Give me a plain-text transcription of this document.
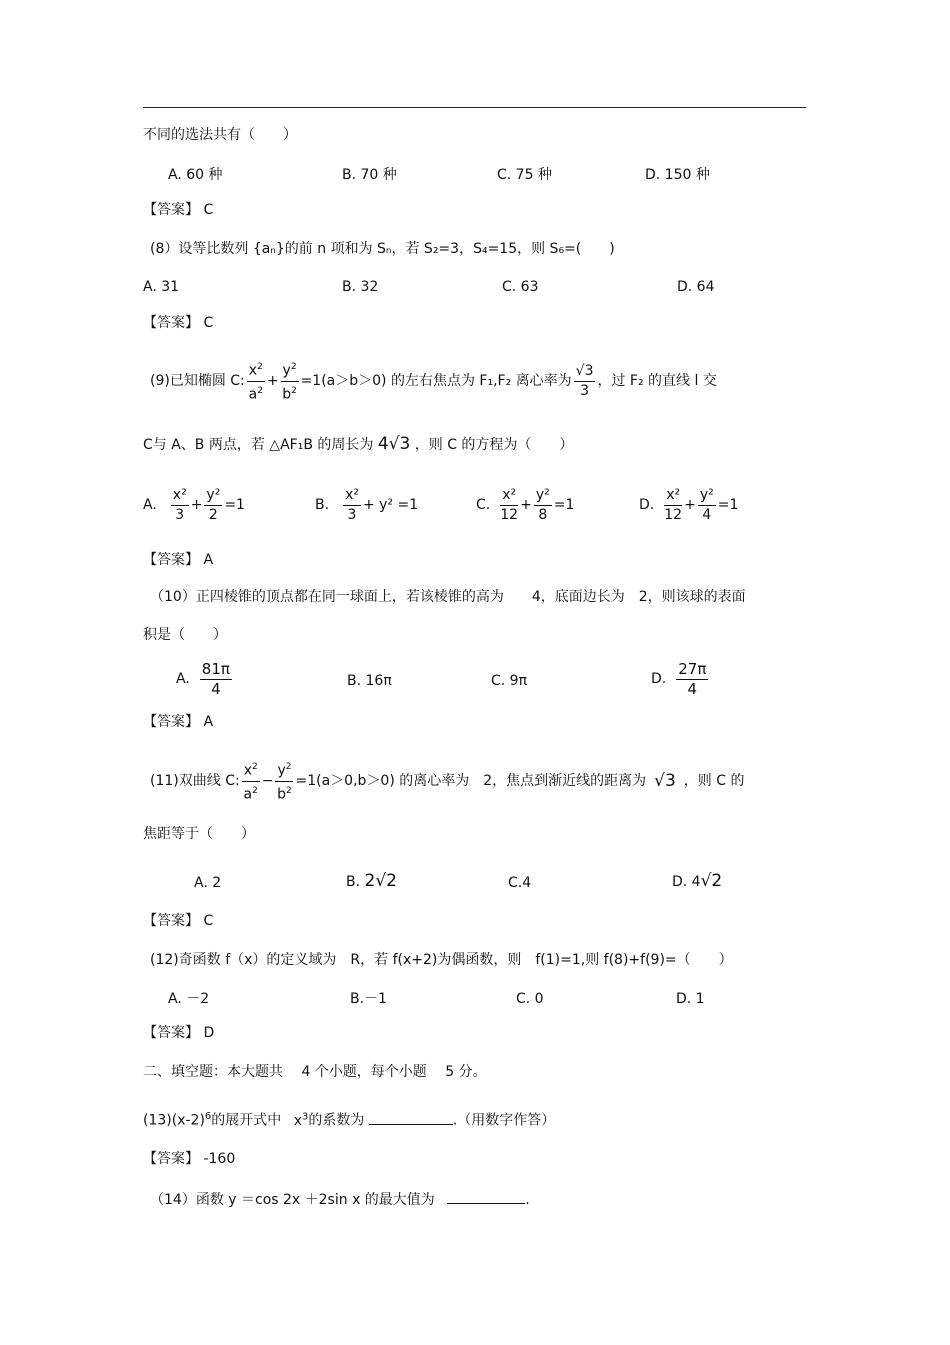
不同的选法共有（　　）
A. 60 种	B. 70 种	C. 75 种	D. 150 种
【答案】 C
(8）设等比数列 {aₙ}的前 n 项和为 Sₙ，若 S₂=3，S₄=15，则 S₆=(　　)
A. 31	B. 32	C. 63	D. 64
【答案】 C
(9)已知椭圆 C: $\frac{x^2}{a^2} + \frac{y^2}{b^2} =1(a>b>0)$ 的左右焦点为 F₁,F₂ 离心率为 $\frac{√3}{3}$ ，过 F₂ 的直线 l 交
C与 A、B 两点，若 △AF₁B 的周长为 4√3 ，则 C 的方程为（　　）
A. $\frac{\text{x²}}{3} + \frac{\text{y²}}{2} =1$	B. $\frac{\text{x²}}{3} + y^2 =1$	C. $\frac{\text{x²}}{12} + \frac{\text{y²}}{8} =1$	D. $\frac{\text{x²}}{12} + \frac{\text{y²}}{4} =1$
【答案】 A
（10）正四棱锥的顶点都在同一球面上，若该棱锥的高为　　4，底面边长为　2，则该球的表面
积是（　　）
A. $\frac{81\pi}{4}$	B. 16π	C. 9π	D. $\frac{27\pi}{4}$
【答案】 A
(11)双曲线 C: $\frac{x^2}{a^2} - \frac{y^2}{b^2} =1(a>0,b>0)$ 的离心率为　2，焦点到渐近线的距离为 √3 ，则 C 的
焦距等于（　　）
A. 2	B. 2√2	C.4	D. 4√2
【答案】 C
(12)奇函数 f（x）的定义域为　R，若 f(x+2)为偶函数，则　f(1)=1,则 f(8)+f(9)=（　　）
A. －2	B.－1	C. 0	D. 1
【答案】 D
二、填空题：本大题共　 4 个小题，每个小题　 5 分。
$(13)(x-2)^6$的展开式中 $x^3$的系数为	.（用数字作答）
【答案】 -160
（14）函数 y ＝cos 2x ＋2sin x 的最大值为	.
